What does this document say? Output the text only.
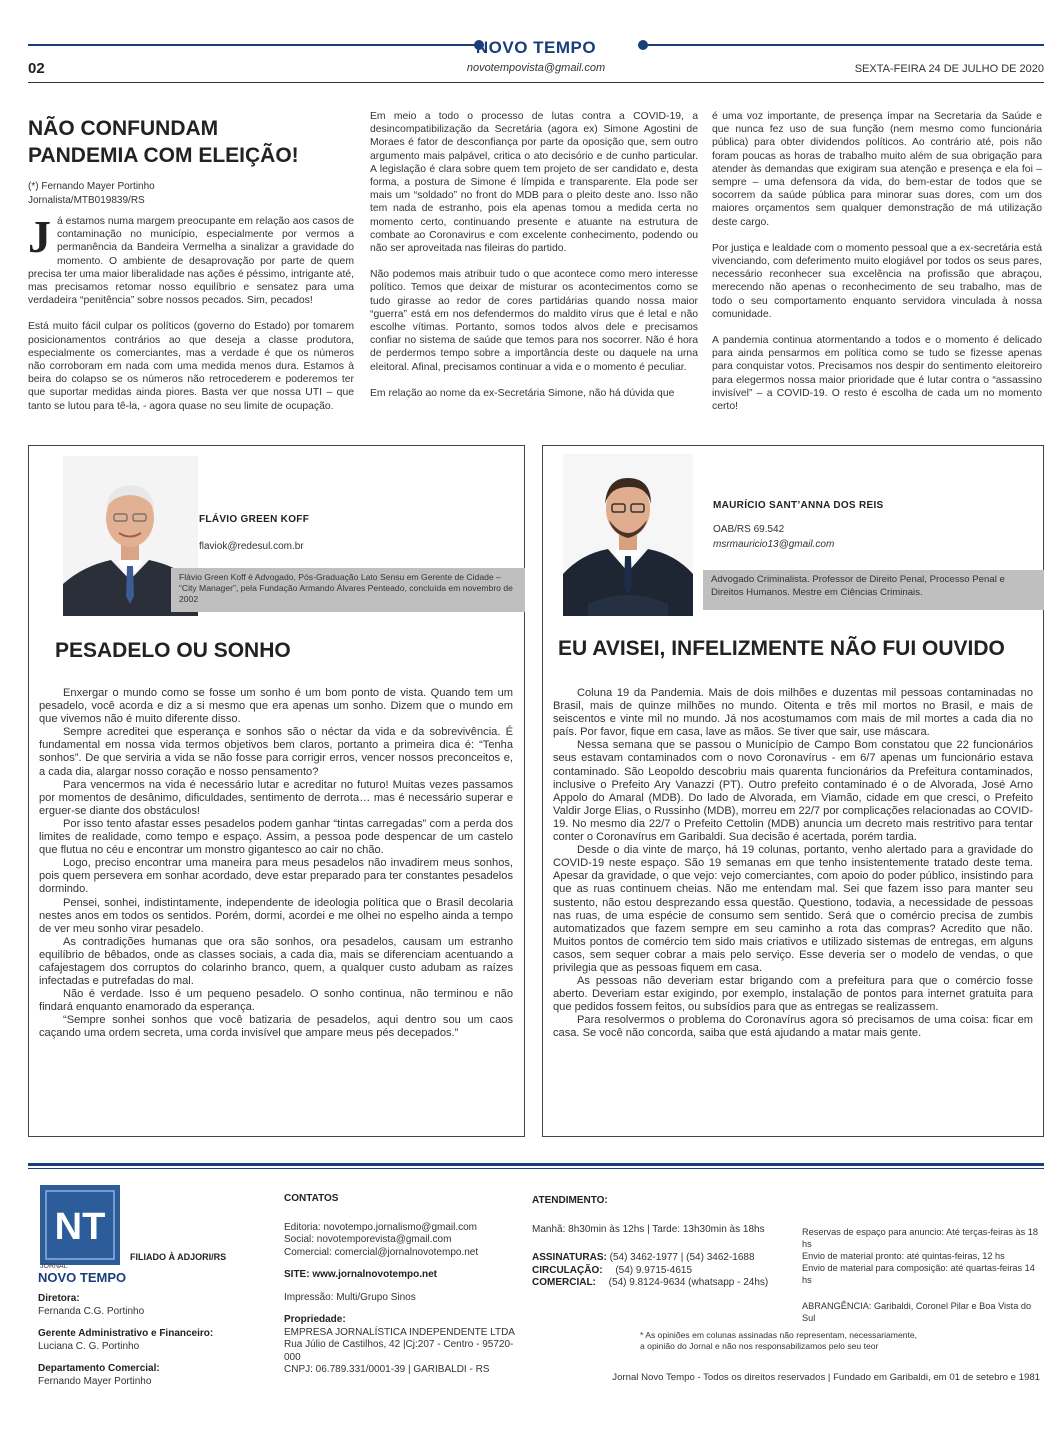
NOVO TEMPO
novotempovista@gmail.com
02	SEXTA-FEIRA 24 DE JULHO DE 2020
NÃO CONFUNDAM
PANDEMIA COM ELEIÇÃO!
(*) Fernando Mayer Portinho
Jornalista/MTB019839/RS

Já estamos numa margem preocupante em relação aos casos de contaminação no município, especialmente por vermos a permanência da Bandeira Vermelha a sinalizar a gravidade do momento. O ambiente de desaprovação por parte de quem precisa ter uma maior liberalidade nas ações é péssimo, intrigante até, mas precisamos retomar nosso equilíbrio e sensatez para uma verdadeira “penitência” sobre nossos pecados. Sim, pecados!

Está muito fácil culpar os políticos (governo do Estado) por tomarem posicionamentos contrários ao que deseja a classe produtora, especialmente os comerciantes, mas a verdade é que os números não corroboram em nada com uma medida menos dura. Estamos à beira do colapso se os números não retrocederem e poderemos ter que suportar medidas ainda piores. Basta ver que nossa UTI – que tanto se lutou para tê-la, - agora quase no seu limite de ocupação.

Em meio a todo o processo de lutas contra a COVID-19, a desincompatibilização da Secretária (agora ex) Simone Agostini de Moraes é fator de desconfiança por parte da oposição que, sem outro argumento mais palpável, critica o ato decisório e de cunho particular. A legislação é clara sobre quem tem projeto de ser candidato e, desta forma, a postura de Simone é límpida e transparente. Ela pode ser mais um “soldado” no front do MDB para o pleito deste ano. Isso não tem nada de estranho, pois ela apenas tomou a medida certa no momento certo, continuando presente e atuante na estrutura de combate ao Coronavirus e com excelente conhecimento, podendo ou não ser aproveitada nas fileiras do partido.

Não podemos mais atribuir tudo o que acontece como mero interesse político. Temos que deixar de misturar os acontecimentos como se tudo girasse ao redor de cores partidárias quando nossa maior “guerra” está em nos defendermos do maldito vírus que é letal e não escolhe vítimas. Portanto, somos todos alvos dele e precisamos confiar no sistema de saúde que temos para nos socorrer. Não é hora de perdermos tempo sobre a importância deste ou daquele na urna eleitoral. Afinal, precisamos continuar a vida e o momento é peculiar.

Em relação ao nome da ex-Secretária Simone, não há dúvida que

é uma voz importante, de presença ímpar na Secretaria da Saúde e que nunca fez uso de sua função (nem mesmo como funcionária pública) para obter dividendos políticos. Ao contrário até, pois não foram poucas as horas de trabalho muito além de sua obrigação para atender às demandas que exigiram sua atenção e presença e ela foi – sempre – uma defensora da vida, do bem-estar de todos que se socorrem da saúde pública para minorar suas dores, com um dos maiores orçamentos sem qualquer demonstração de má utilização deste cargo.

Por justiça e lealdade com o momento pessoal que a ex-secretária está vivenciando, com deferimento muito elogiável por todos os seus pares, necessário reconhecer sua excelência na profissão que abraçou, merecendo não apenas o reconhecimento de seu trabalho, mas de todo o seu comportamento enquanto servidora vinculada à nossa comunidade.

A pandemia continua atormentando a todos e o momento é delicado para ainda pensarmos em política como se tudo se fizesse apenas para conquistar votos. Precisamos nos despir do sentimento eleitoreiro para elegermos nossa maior prioridade que é lutar contra o “assassino invisível” – a COVID-19. O resto é escolha de cada um no momento certo!

FLÁVIO GREEN KOFF
flaviok@redesul.com.br
Flávio Green Koff é Advogado, Pós-Graduação Lato Sensu em Gerente de Cidade – “City Manager”, pela Fundação Armando Álvares Penteado, concluída em novembro de 2002
PESADELO OU SONHO

Enxergar o mundo como se fosse um sonho é um bom ponto de vista. Quando tem um pesadelo, você acorda e diz a si mesmo que era apenas um sonho. Dizem que o mundo em que vivemos não é muito diferente disso.

Sempre acreditei que esperança e sonhos são o néctar da vida e da sobrevivência. É fundamental em nossa vida termos objetivos bem claros, portanto a primeira dica é: “Tenha sonhos”. De que serviria a vida se não fosse para corrigir erros, vencer nossos preconceitos e, a cada dia, alargar nosso coração e nosso pensamento?

Para vencermos na vida é necessário lutar e acreditar no futuro! Muitas vezes passamos por momentos de desânimo, dificuldades, sentimento de derrota… mas é necessário superar e erguer-se diante dos obstáculos!

Por isso tento afastar esses pesadelos podem ganhar “tintas carregadas” com a perda dos limites de realidade, como tempo e espaço. Assim, a pessoa pode despencar de um castelo que flutua no céu e encontrar um monstro gigantesco ao cair no chão.

Logo, preciso encontrar uma maneira para meus pesadelos não invadirem meus sonhos, pois quem persevera em sonhar acordado, deve estar preparado para ter constantes pesadelos dormindo.

Pensei, sonhei, indistintamente, independente de ideologia política que o Brasil decolaria nestes anos em todos os sentidos. Porém, dormi, acordei e me olhei no espelho ainda a tempo de ver meu sonho virar pesadelo.

As contradições humanas que ora são sonhos, ora pesadelos, causam um estranho equilíbrio de bêbados, onde as classes sociais, a cada dia, mais se diferenciam acentuando a cafajestagem dos corruptos do colarinho branco, quem, a qualquer custo adubam as raízes infectadas e putrefadas do mal.

Não é verdade. Isso é um pequeno pesadelo. O sonho continua, não terminou e não findará enquanto enamorado da esperança.

“Sempre sonhei sonhos que você batizaria de pesadelos, aqui dentro sou um caos caçando uma ordem secreta, uma corda invisível que ampare meus pés decepados.”

MAURÍCIO SANT’ANNA DOS REIS
OAB/RS 69.542
msrmauricio13@gmail.com
Advogado Criminalista. Professor de Direito Penal, Processo Penal e Direitos Humanos. Mestre em Ciências Criminais.
EU AVISEI, INFELIZMENTE NÃO FUI OUVIDO

Coluna 19 da Pandemia. Mais de dois milhões e duzentas mil pessoas contaminadas no Brasil, mais de quinze milhões no mundo. Oitenta e três mil mortos no Brasil, e mais de seiscentos e vinte mil no mundo. Já nos acostumamos com mais de mil mortes a cada dia no país. Por favor, fique em casa, lave as mãos. Se tiver que sair, use máscara.

Nessa semana que se passou o Município de Campo Bom constatou que 22 funcionários seus estavam contaminados com o novo Coronavírus - em 6/7 apenas um funcionário estava contaminado. São Leopoldo descobriu mais quarenta funcionários da Prefeitura contaminados, inclusive o Prefeito Ary Vanazzi (PT). Outro prefeito contaminado é o de Alvorada, José Arno Appolo do Amaral (MDB). Do lado de Alvorada, em Viamão, cidade em que cresci, o Prefeito Valdir Jorge Elias, o Russinho (MDB), morreu em 22/7 por complicações relacionadas ao COVID-19. No mesmo dia 22/7 o Prefeito Cettolin (MDB) anuncia um decreto mais restritivo para tentar conter o Coronavírus em Garibaldi. Sua decisão é acertada, porém tardia.

Desde o dia vinte de março, há 19 colunas, portanto, venho alertado para a gravidade do COVID-19 neste espaço. São 19 semanas em que tenho insistentemente tratado deste tema. Apesar da gravidade, o que vejo: vejo comerciantes, com apoio do poder público, insistindo para que as ruas continuem cheias. Não me entendam mal. Sei que fazem isso para manter seu sustento, não estou desprezando essa questão. Questiono, todavia, a necessidade de pessoas nas ruas, de uma espécie de consumo sem sentido. Será que o comércio precisa de zumbis automatizados que fazem sempre em seu caminho a rota das compras? Acredito que não. Muitos pontos de comércio tem sido mais criativos e utilizado sistemas de entregas, em alguns casos, sem sequer cobrar a mais pelo serviço. Esse deveria ser o modelo de vendas, o que privilegia que as pessoas fiquem em casa.

As pessoas não deveriam estar brigando com a prefeitura para que o comércio fosse aberto. Deveriam estar exigindo, por exemplo, instalação de pontos para internet gratuita para que pedidos fossem feitos, ou subsídios para que as entregas se realizassem.

Para resolvermos o problema do Coronavírus agora só precisamos de uma coisa: ficar em casa. Se você não concorda, saiba que está ajudando a matar mais gente.

NT
JORNAL
NOVO TEMPO
FILIADO À ADJORI/RS
Diretora:
Fernanda C.G. Portinho
Gerente Administrativo e Financeiro:
Luciana C. G. Portinho
Departamento Comercial:
Fernando Mayer Portinho
CONTATOS
Editoria: novotempo.jornalismo@gmail.com
Social: novotemporevista@gmail.com
Comercial: comercial@jornalnovotempo.net
SITE: www.jornalnovotempo.net
Impressão: Multi/Grupo Sinos
Propriedade:
EMPRESA JORNALÍSTICA INDEPENDENTE LTDA
Rua Júlio de Castilhos, 42 |Cj:207 - Centro - 95720-000
CNPJ: 06.789.331/0001-39 | GARIBALDI - RS
ATENDIMENTO:
Manhã: 8h30min às 12hs | Tarde: 13h30min às 18hs
ASSINATURAS: (54) 3462-1977 | (54) 3462-1688
CIRCULAÇÃO: (54) 9.9715-4615
COMERCIAL: (54) 9.8124-9634 (whatsapp - 24hs)
Reservas de espaço para anuncio: Até terças-feiras às 18 hs
Envio de material pronto: até quintas-feiras, 12 hs
Envio de material para composição: até quartas-feiras 14 hs
ABRANGÊNCIA: Garibaldi, Coronel Pilar e Boa Vista do Sul
* As opiniões em colunas assinadas não representam, necessariamente,
a opinião do Jornal e não nos responsabilizamos pelo seu teor
Jornal Novo Tempo - Todos os direitos reservados | Fundado em Garibaldi, em 01 de setebro e 1981
